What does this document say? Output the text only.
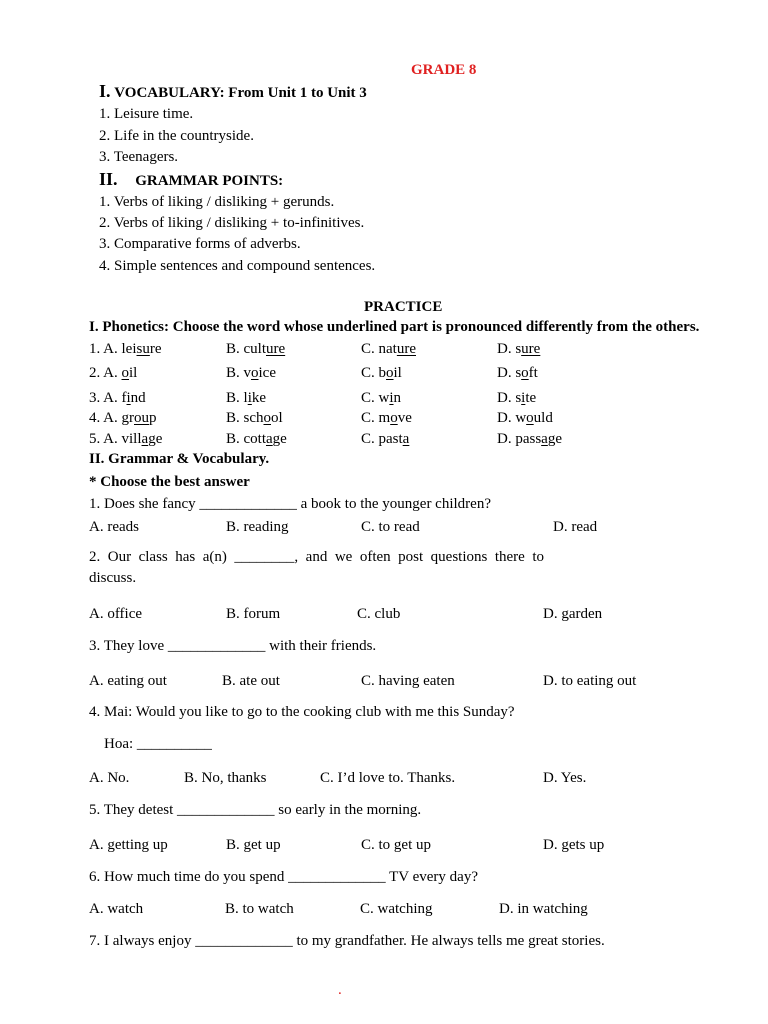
GRADE 8
I. VOCABULARY: From Unit 1 to Unit 3
1. Leisure time.
2. Life in the countryside.
3. Teenagers.
II. GRAMMAR POINTS:
1. Verbs of liking / disliking + gerunds.
2. Verbs of liking / disliking + to-infinitives.
3. Comparative forms of adverbs.
4. Simple sentences and compound sentences.
PRACTICE
I. Phonetics: Choose the word whose underlined part is pronounced differently from the others.
1. A. leisure	B. culture	C. nature	D. sure
2. A. oil	B. voice	C. boil	D. soft
3. A. find	B. like	C. win	D. site
4. A. group	B. school	C. move	D. would
5. A. village	B. cottage	C. pasta	D. passage
II. Grammar & Vocabulary.
* Choose the best answer
1. Does she fancy _____________ a book to the younger children?
A. reads	B. reading	C. to read	D. read
2. Our class has a(n) ________, and we often post questions there to discuss.
A. office	B. forum	C. club	D. garden
3. They love _____________ with their friends.
A. eating out	B. ate out	C. having eaten	D. to eating out
4. Mai: Would you like to go to the cooking club with me this Sunday?
Hoa: __________
A. No.	B. No, thanks	C. I’d love to. Thanks.	D. Yes.
5. They detest _____________ so early in the morning.
A. getting up	B. get up	C. to get up	D. gets up
6. How much time do you spend _____________ TV every day?
A. watch	B. to watch	C. watching	D. in watching
7. I always enjoy _____________ to my grandfather. He always tells me great stories.
.
